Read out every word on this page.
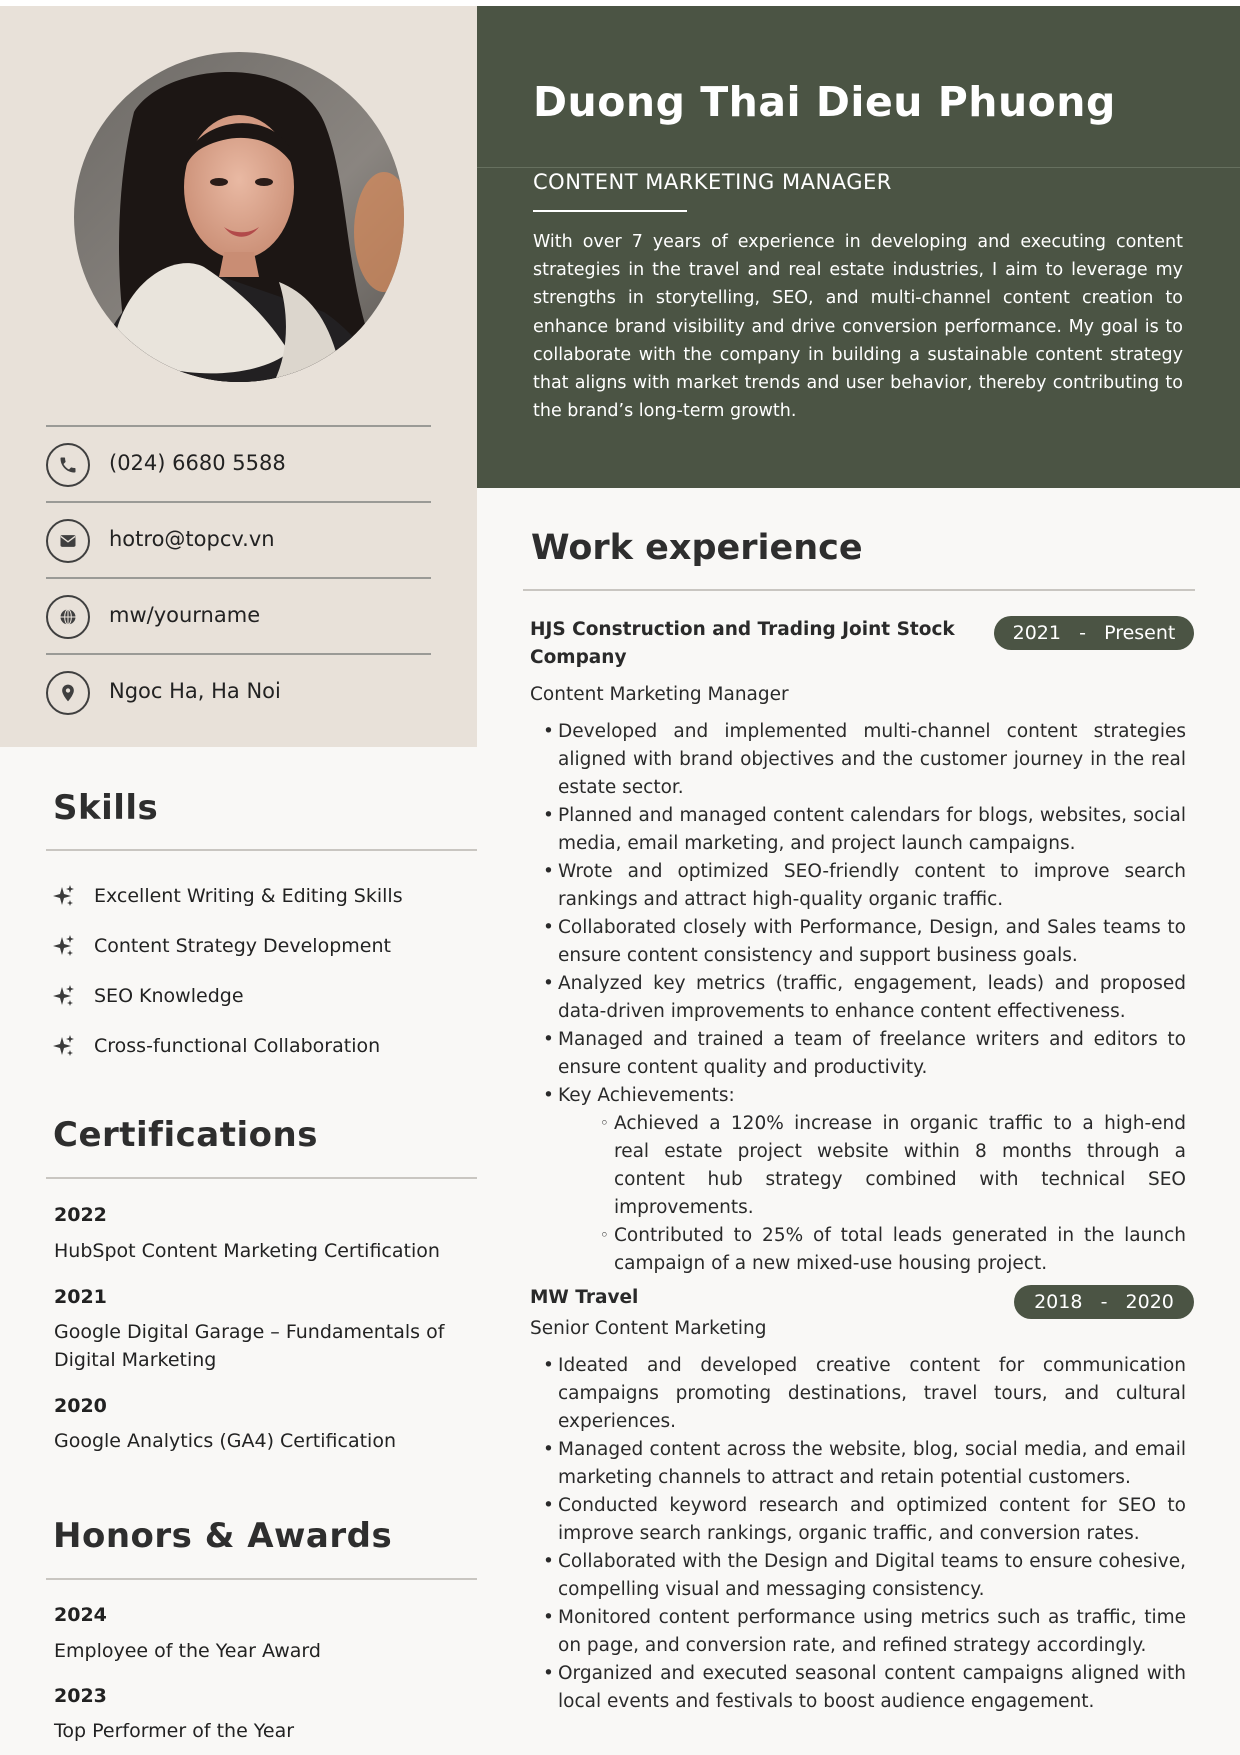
(024) 6680 5588
hotro@topcv.vn
mw/yourname
Ngoc Ha, Ha Noi
Skills
Excellent Writing & Editing Skills
Content Strategy Development
SEO Knowledge
Cross-functional Collaboration
Certifications
2022
HubSpot Content Marketing Certification
2021
Google Digital Garage – Fundamentals of Digital Marketing
2020
Google Analytics (GA4) Certification
Honors & Awards
2024
Employee of the Year Award
2023
Top Performer of the Year
Duong Thai Dieu Phuong
CONTENT MARKETING MANAGER
With over 7 years of experience in developing and executing content strategies in the travel and real estate industries, I aim to leverage my strengths in storytelling, SEO, and multi-channel content creation to enhance brand visibility and drive conversion performance. My goal is to collaborate with the company in building a sustainable content strategy that aligns with market trends and user behavior, thereby contributing to the brand’s long-term growth.
Work experience
HJS Construction and Trading Joint Stock Company
2021   -   Present
Content Marketing Manager
• Developed and implemented multi-channel content strategies aligned with brand objectives and the customer journey in the real estate sector.
• Planned and managed content calendars for blogs, websites, social media, email marketing, and project launch campaigns.
• Wrote and optimized SEO-friendly content to improve search rankings and attract high-quality organic traffic.
• Collaborated closely with Performance, Design, and Sales teams to ensure content consistency and support business goals.
• Analyzed key metrics (traffic, engagement, leads) and proposed data-driven improvements to enhance content effectiveness.
• Managed and trained a team of freelance writers and editors to ensure content quality and productivity.
• Key Achievements:
◦ Achieved a 120% increase in organic traffic to a high-end real estate project website within 8 months through a content hub strategy combined with technical SEO improvements.
◦ Contributed to 25% of total leads generated in the launch campaign of a new mixed-use housing project.
MW Travel	2018   -   2020
Senior Content Marketing
• Ideated and developed creative content for communication campaigns promoting destinations, travel tours, and cultural experiences.
• Managed content across the website, blog, social media, and email marketing channels to attract and retain potential customers.
• Conducted keyword research and optimized content for SEO to improve search rankings, organic traffic, and conversion rates.
• Collaborated with the Design and Digital teams to ensure cohesive, compelling visual and messaging consistency.
• Monitored content performance using metrics such as traffic, time on page, and conversion rate, and refined strategy accordingly.
• Organized and executed seasonal content campaigns aligned with local events and festivals to boost audience engagement.
